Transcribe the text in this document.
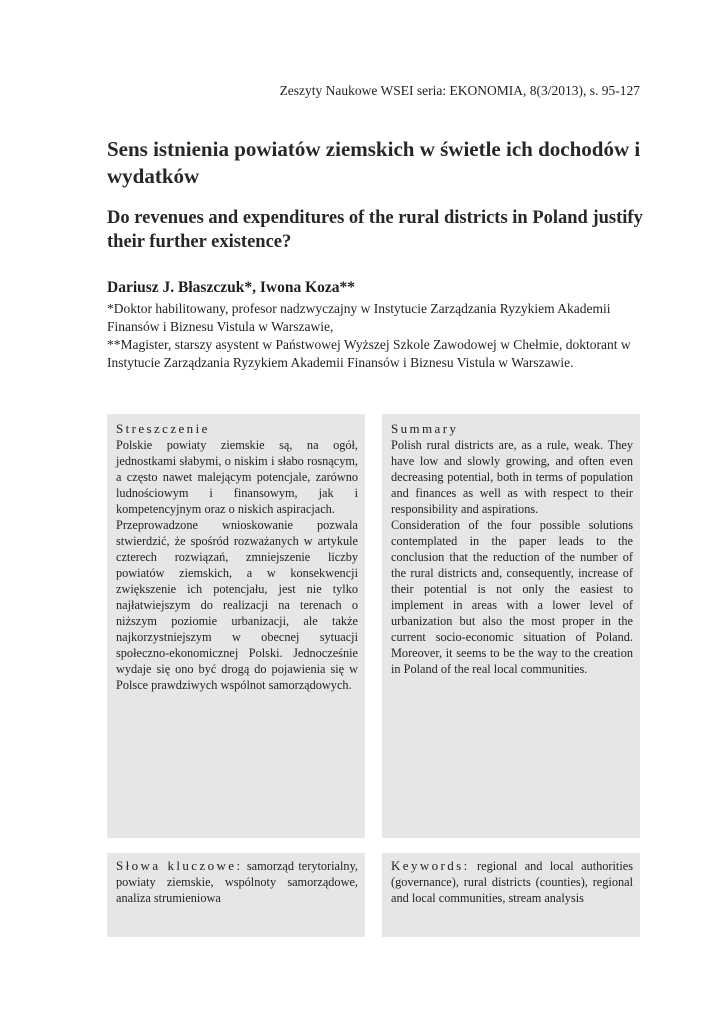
Zeszyty Naukowe WSEI seria: EKONOMIA, 8(3/2013), s. 95-127
Sens istnienia powiatów ziemskich w świetle ich dochodów i wydatków
Do revenues and expenditures of the rural districts in Poland justify their further existence?
Dariusz J. Błaszczuk*, Iwona Koza**
*Doktor habilitowany, profesor nadzwyczajny w Instytucie Zarządzania Ryzykiem Akademii Finansów i Biznesu Vistula w Warszawie,
**Magister, starszy asystent w Państwowej Wyższej Szkole Zawodowej w Chełmie, doktorant w Instytucie Zarządzania Ryzykiem Akademii Finansów i Biznesu Vistula w Warszawie.
Streszczenie
Polskie powiaty ziemskie są, na ogół, jednostkami słabymi, o niskim i słabo rosnącym, a często nawet malejącym potencjale, zarówno ludnościowym i finansowym, jak i kompetencyjnym oraz o niskich aspiracjach.
Przeprowadzone wnioskowanie pozwala stwierdzić, że spośród rozważanych w artykule czterech rozwiązań, zmniejszenie liczby powiatów ziemskich, a w konsekwencji zwiększenie ich potencjału, jest nie tylko najłatwiejszym do realizacji na terenach o niższym poziomie urbanizacji, ale także najkorzystniejszym w obecnej sytuacji społeczno-ekonomicznej Polski. Jednocześnie wydaje się ono być drogą do pojawienia się w Polsce prawdziwych wspólnot samorządowych.
Summary
Polish rural districts are, as a rule, weak. They have low and slowly growing, and often even decreasing potential, both in terms of population and finances as well as with respect to their responsibility and aspirations.
Consideration of the four possible solutions contemplated in the paper leads to the conclusion that the reduction of the number of the rural districts and, consequently, increase of their potential is not only the easiest to implement in areas with a lower level of urbanization but also the most proper in the current socio-economic situation of Poland. Moreover, it seems to be the way to the creation in Poland of the real local communities.
Słowa kluczowe: samorząd terytorialny, powiaty ziemskie, wspólnoty samorządowe, analiza strumieniowa
Keywords: regional and local authorities (governance), rural districts (counties), regional and local communities, stream analysis
